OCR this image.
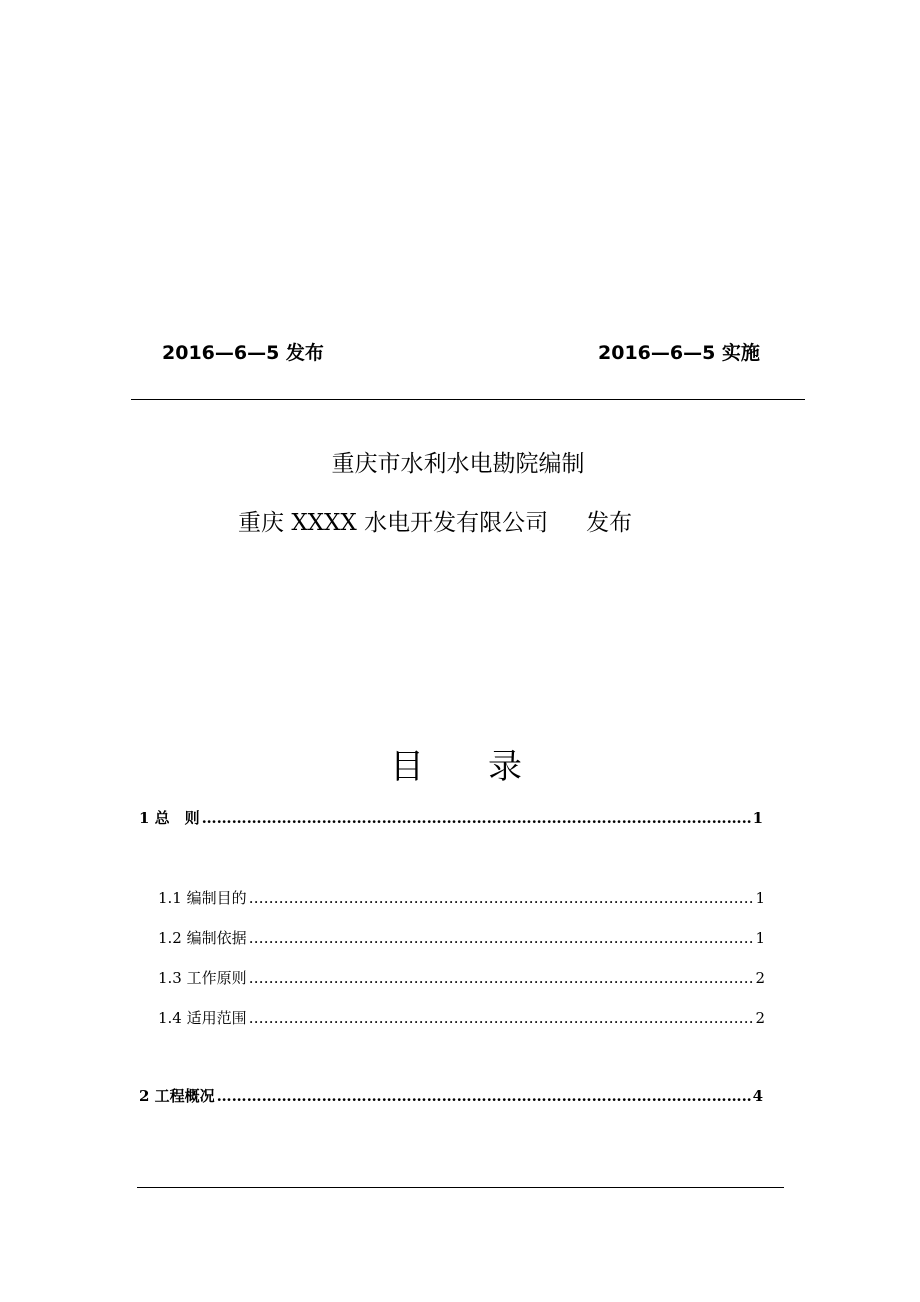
2016—6—5 发布	2016—6—5 实施
重庆市水利水电勘院编制
重庆 XXXX 水电开发有限公司 发布
目 录
1 总　则 ………………………………………………………………………………………………………………………………………………………………………………………………	1
1.1 编制目的 ………………………………………………………………………………………………………………………………………………………………………………………………	1
1.2 编制依据 ………………………………………………………………………………………………………………………………………………………………………………………………	1
1.3 工作原则 ………………………………………………………………………………………………………………………………………………………………………………………………	2
1.4 适用范围 ………………………………………………………………………………………………………………………………………………………………………………………………	2
2 工程概况 ………………………………………………………………………………………………………………………………………………………………………………………………	4
